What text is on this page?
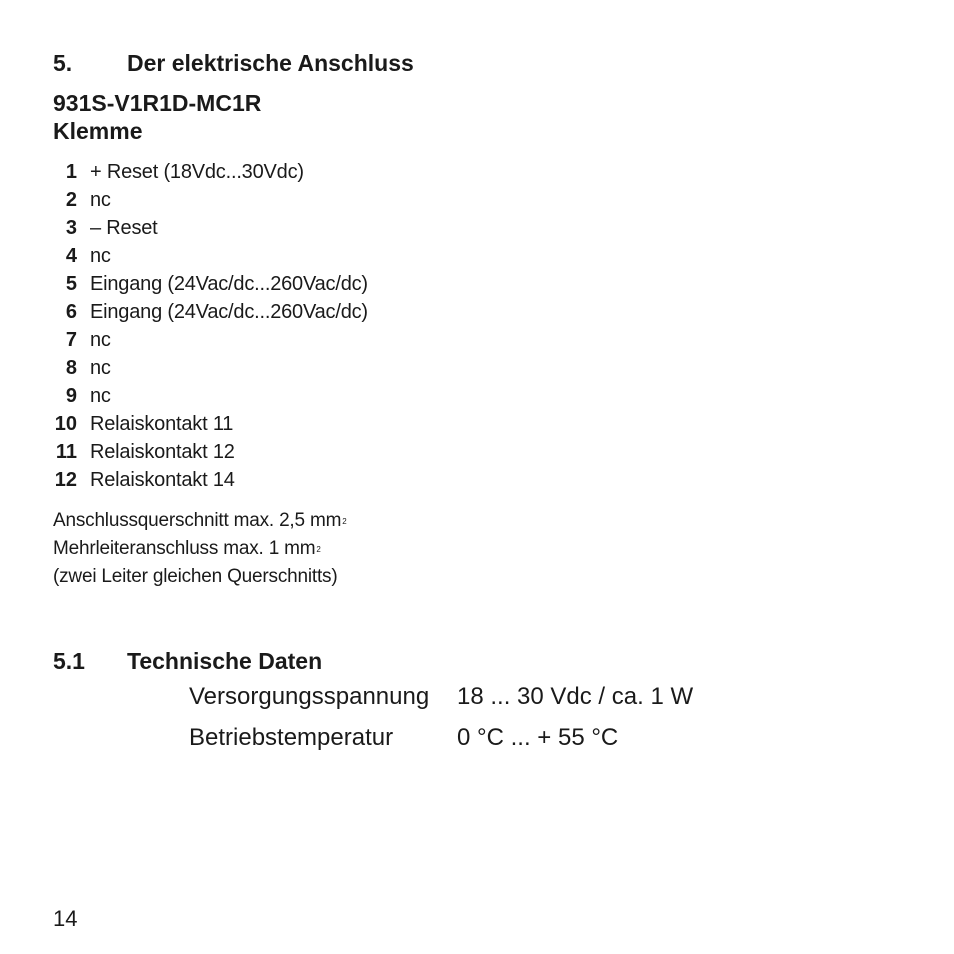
5. Der elektrische Anschluss
931S-V1R1D-MC1R
Klemme
1 + Reset (18Vdc...30Vdc)
2 nc
3 – Reset
4 nc
5 Eingang (24Vac/dc...260Vac/dc)
6 Eingang (24Vac/dc...260Vac/dc)
7 nc
8 nc
9 nc
10 Relaiskontakt 11
11 Relaiskontakt 12
12 Relaiskontakt 14
Anschlussquerschnitt max. 2,5 mm 2
Mehrleiteranschluss max. 1 mm 2
(zwei Leiter gleichen Querschnitts)
5.1 Technische Daten
Versorgungsspannung	18 ... 30 Vdc / ca. 1 W
Betriebstemperatur	0 °C ... + 55 °C
14
